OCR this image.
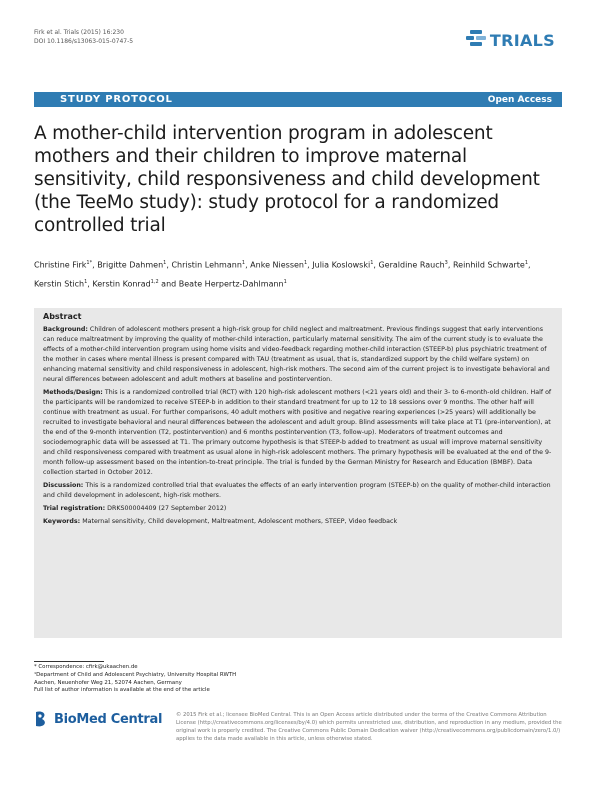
Firk et al. Trials (2015) 16:230
DOI 10.1186/s13063-015-0747-5	TRIALS
STUDY PROTOCOL	Open Access
A mother-child intervention program in adolescent mothers and their children to improve maternal sensitivity, child responsiveness and child development (the TeeMo study): study protocol for a randomized controlled trial
Christine Firk$^{1*}$, Brigitte Dahmen$^1$, Christin Lehmann$^1$, Anke Niessen$^1$, Julia Koslowski$^1$, Geraldine Rauch$^3$, Reinhild Schwarte$^1$, Kerstin Stich$^1$, Kerstin Konrad$^{1,2}$ and Beate Herpertz-Dahlmann$^1$
Abstract

Background: Children of adolescent mothers present a high-risk group for child neglect and maltreatment. Previous findings suggest that early interventions can reduce maltreatment by improving the quality of mother-child interaction, particularly maternal sensitivity. The aim of the current study is to evaluate the effects of a mother-child intervention program using home visits and video-feedback regarding mother-child interaction (STEEP-b) plus psychiatric treatment of the mother in cases where mental illness is present compared with TAU (treatment as usual, that is, standardized support by the child welfare system) on enhancing maternal sensitivity and child responsiveness in adolescent, high-risk mothers. The second aim of the current project is to investigate behavioral and neural differences between adolescent and adult mothers at baseline and postintervention.

Methods/Design: This is a randomized controlled trial (RCT) with 120 high-risk adolescent mothers (<21 years old) and their 3- to 6-month-old children. Half of the participants will be randomized to receive STEEP-b in addition to their standard treatment for up to 12 to 18 sessions over 9 months. The other half will continue with treatment as usual. For further comparisons, 40 adult mothers with positive and negative rearing experiences (>25 years) will additionally be recruited to investigate behavioral and neural differences between the adolescent and adult group. Blind assessments will take place at T1 (pre-intervention), at the end of the 9-month intervention (T2, postintervention) and 6 months postintervention (T3, follow-up). Moderators of treatment outcomes and sociodemographic data will be assessed at T1. The primary outcome hypothesis is that STEEP-b added to treatment as usual will improve maternal sensitivity and child responsiveness compared with treatment as usual alone in high-risk adolescent mothers. The primary hypothesis will be evaluated at the end of the 9-month follow-up assessment based on the intention-to-treat principle. The trial is funded by the German Ministry for Research and Education (BMBF). Data collection started in October 2012.

Discussion: This is a randomized controlled trial that evaluates the effects of an early intervention program (STEEP-b) on the quality of mother-child interaction and child development in adolescent, high-risk mothers.

Trial registration: DRKS00004409 (27 September 2012)

Keywords: Maternal sensitivity, Child development, Maltreatment, Adolescent mothers, STEEP, Video feedback

* Correspondence: cfirk@ukaachen.de
¹Department of Child and Adolescent Psychiatry, University Hospital RWTH
Aachen, Neuenhofer Weg 21, 52074 Aachen, Germany
Full list of author information is available at the end of the article
BioMed Central	© 2015 Firk et al.; licensee BioMed Central. This is an Open Access article distributed under the terms of the Creative Commons Attribution License (http://creativecommons.org/licenses/by/4.0) which permits unrestricted use, distribution, and reproduction in any medium, provided the original work is properly credited. The Creative Commons Public Domain Dedication waiver (http://creativecommons.org/publicdomain/zero/1.0/) applies to the data made available in this article, unless otherwise stated.
